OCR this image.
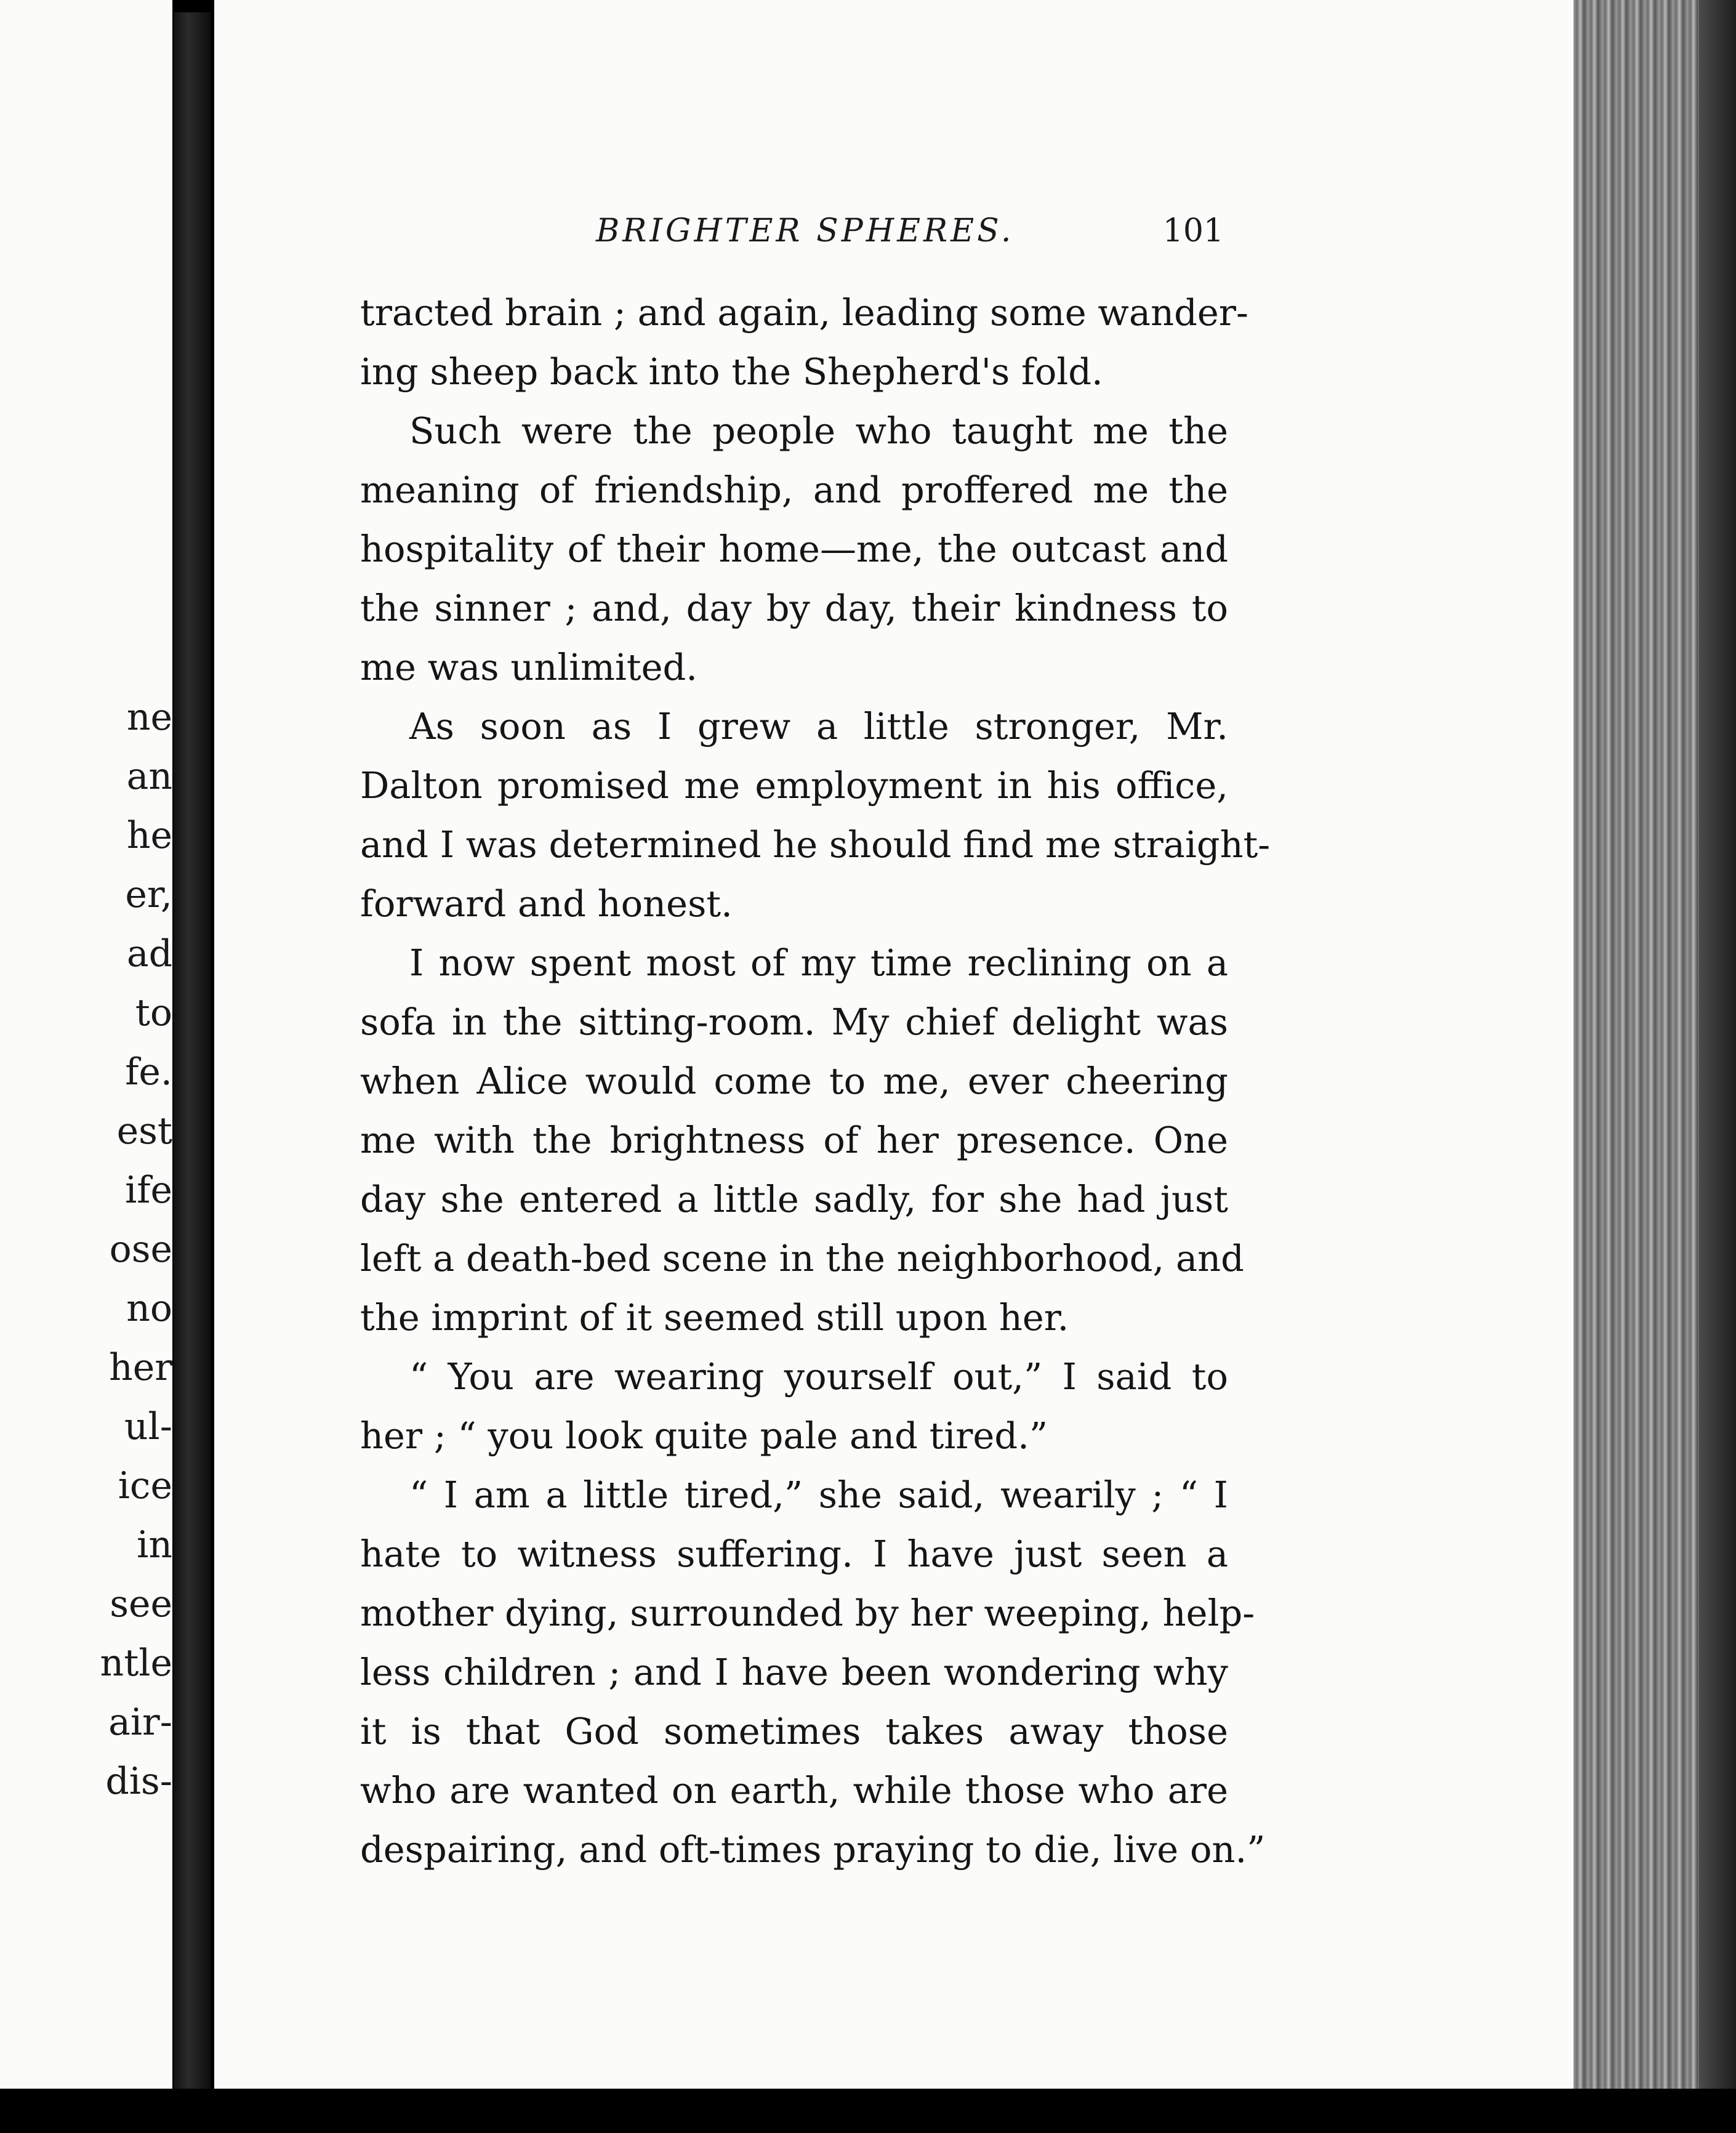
ne
an
he
er,
ad
to
fe.
est
ife
ose
no
her
ul-
ice
in
see
ntle
air-
dis-
BRIGHTER SPHERES.	101
tracted brain ; and again, leading some wander-
ing sheep back into the Shepherd's fold.
Such were the people who taught me the
meaning of friendship, and proffered me the
hospitality of their home—me, the outcast and
the sinner ; and, day by day, their kindness to
me was unlimited.
As soon as I grew a little stronger, Mr.
Dalton promised me employment in his office,
and I was determined he should find me straight-
forward and honest.
I now spent most of my time reclining on a
sofa in the sitting-room. My chief delight was
when Alice would come to me, ever cheering
me with the brightness of her presence. One
day she entered a little sadly, for she had just
left a death-bed scene in the neighborhood, and
the imprint of it seemed still upon her.
“ You are wearing yourself out,” I said to
her ; “ you look quite pale and tired.”
“ I am a little tired,” she said, wearily ; “ I
hate to witness suffering. I have just seen a
mother dying, surrounded by her weeping, help-
less children ; and I have been wondering why
it is that God sometimes takes away those
who are wanted on earth, while those who are
despairing, and oft-times praying to die, live on.”
